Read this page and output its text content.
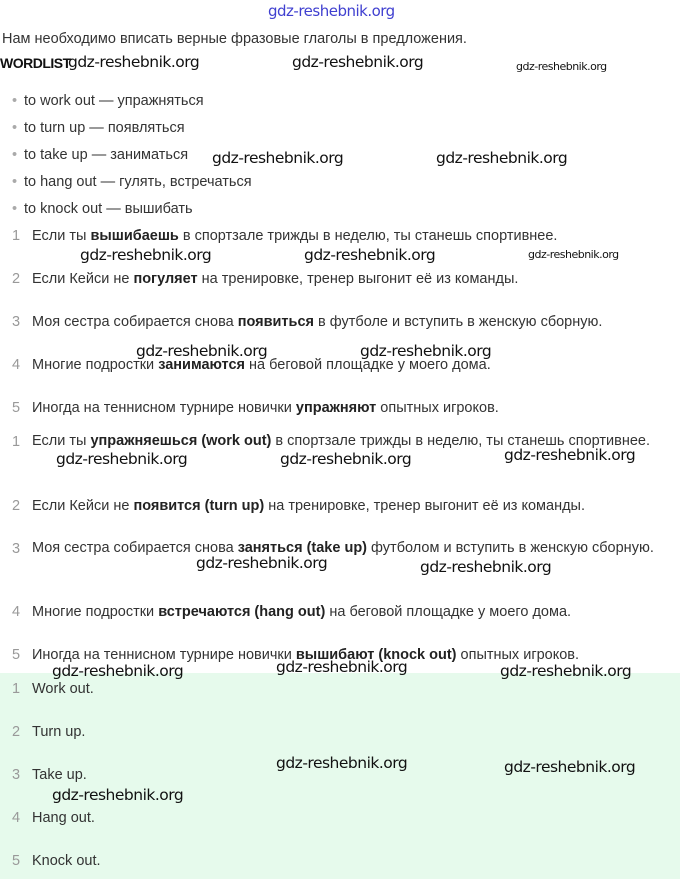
gdz-reshebnik.org
Нам необходимо вписать верные фразовые глаголы в предложения.
WORDLIST
• to work out — упражняться
• to turn up — появляться
• to take up — заниматься
• to hang out — гулять, встречаться
• to knock out — вышибать
1 Если ты вышибаешь в спортзале трижды в неделю, ты станешь спортивнее.
2 Если Кейси не погуляет на тренировке, тренер выгонит её из команды.
3 Моя сестра собирается снова появиться в футболе и вступить в женскую сборную.
4 Многие подростки занимаются на беговой площадке у моего дома.
5 Иногда на теннисном турнире новички упражняют опытных игроков.
1 Если ты упражняешься (work out) в спортзале трижды в неделю, ты станешь спортивнее.
2 Если Кейси не появится (turn up) на тренировке, тренер выгонит её из команды.
3 Моя сестра собирается снова заняться (take up) футболом и вступить в женскую сборную.
4 Многие подростки встречаются (hang out) на беговой площадке у моего дома.
5 Иногда на теннисном турнире новички вышибают (knock out) опытных игроков.
1 Work out.
2 Turn up.
3 Take up.
4 Hang out.
5 Knock out.
gdz-reshebnik.org	gdz-reshebnik.org	gdz-reshebnik.org
gdz-reshebnik.org	gdz-reshebnik.org
gdz-reshebnik.org	gdz-reshebnik.org	gdz-reshebnik.org
gdz-reshebnik.org	gdz-reshebnik.org
gdz-reshebnik.org	gdz-reshebnik.org	gdz-reshebnik.org
gdz-reshebnik.org	gdz-reshebnik.org
gdz-reshebnik.org	gdz-reshebnik.org	gdz-reshebnik.org
gdz-reshebnik.org	gdz-reshebnik.org
gdz-reshebnik.org
